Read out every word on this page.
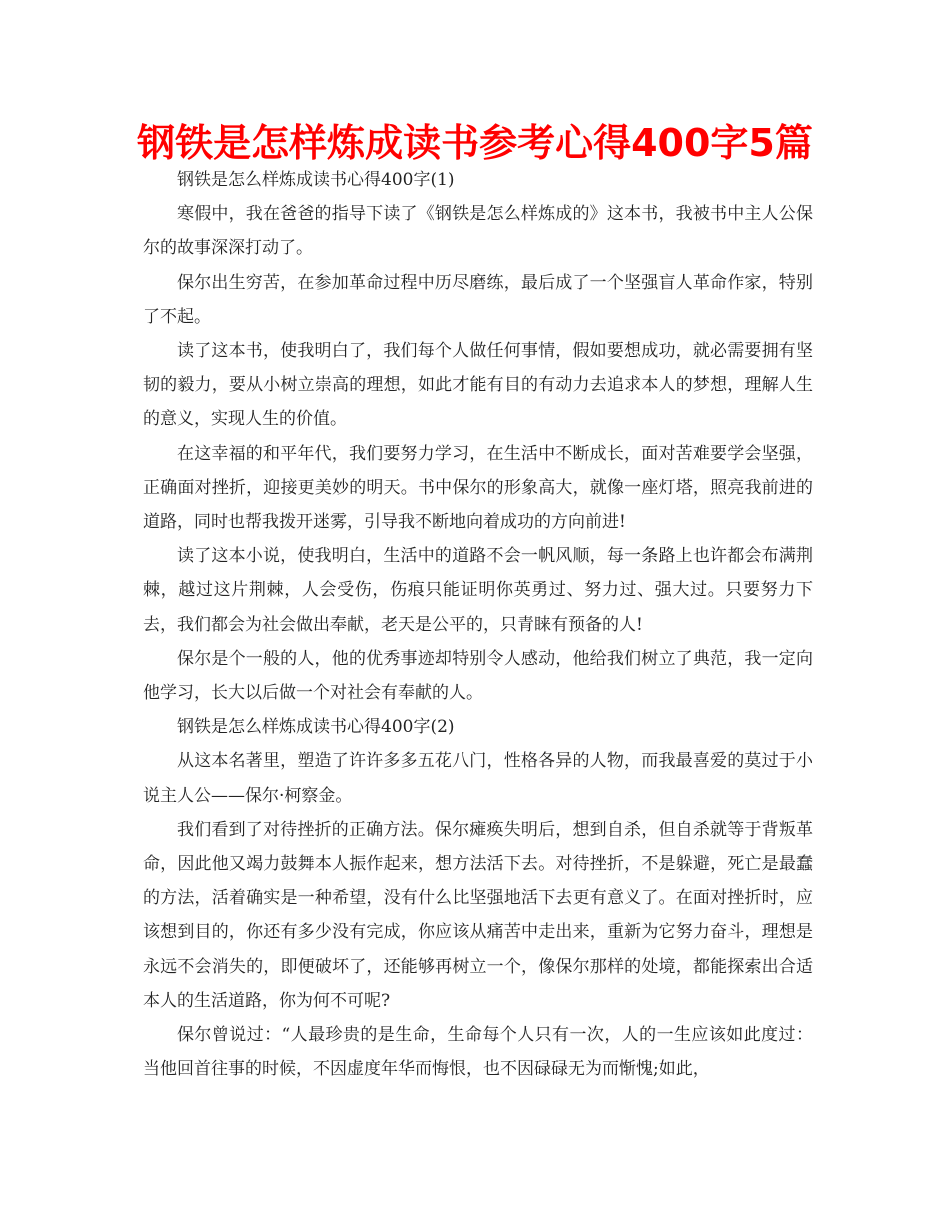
钢铁是怎样炼成读书参考心得400字5篇

钢铁是怎么样炼成读书心得400字(1)

寒假中，我在爸爸的指导下读了《钢铁是怎么样炼成的》这本书，我被书中主人公保尔的故事深深打动了。

保尔出生穷苦，在参加革命过程中历尽磨练，最后成了一个坚强盲人革命作家，特别了不起。

读了这本书，使我明白了，我们每个人做任何事情，假如要想成功，就必需要拥有坚韧的毅力，要从小树立崇高的理想，如此才能有目的有动力去追求本人的梦想，理解人生的意义，实现人生的价值。

在这幸福的和平年代，我们要努力学习，在生活中不断成长，面对苦难要学会坚强，正确面对挫折，迎接更美妙的明天。书中保尔的形象高大，就像一座灯塔，照亮我前进的道路，同时也帮我拨开迷雾，引导我不断地向着成功的方向前进!

读了这本小说，使我明白，生活中的道路不会一帆风顺，每一条路上也许都会布满荆棘，越过这片荆棘，人会受伤，伤痕只能证明你英勇过、努力过、强大过。只要努力下去，我们都会为社会做出奉献，老天是公平的，只青睐有预备的人!

保尔是个一般的人，他的优秀事迹却特别令人感动，他给我们树立了典范，我一定向他学习，长大以后做一个对社会有奉献的人。

钢铁是怎么样炼成读书心得400字(2)

从这本名著里，塑造了许许多多五花八门，性格各异的人物，而我最喜爱的莫过于小说主人公——保尔·柯察金。

我们看到了对待挫折的正确方法。保尔瘫痪失明后，想到自杀，但自杀就等于背叛革命，因此他又竭力鼓舞本人振作起来，想方法活下去。对待挫折，不是躲避，死亡是最蠢的方法，活着确实是一种希望，没有什么比坚强地活下去更有意义了。在面对挫折时，应该想到目的，你还有多少没有完成，你应该从痛苦中走出来，重新为它努力奋斗，理想是永远不会消失的，即便破坏了，还能够再树立一个，像保尔那样的处境，都能探索出合适本人的生活道路，你为何不可呢?

保尔曾说过：“人最珍贵的是生命，生命每个人只有一次，人的一生应该如此度过：当他回首往事的时候，不因虚度年华而悔恨，也不因碌碌无为而惭愧;如此，
